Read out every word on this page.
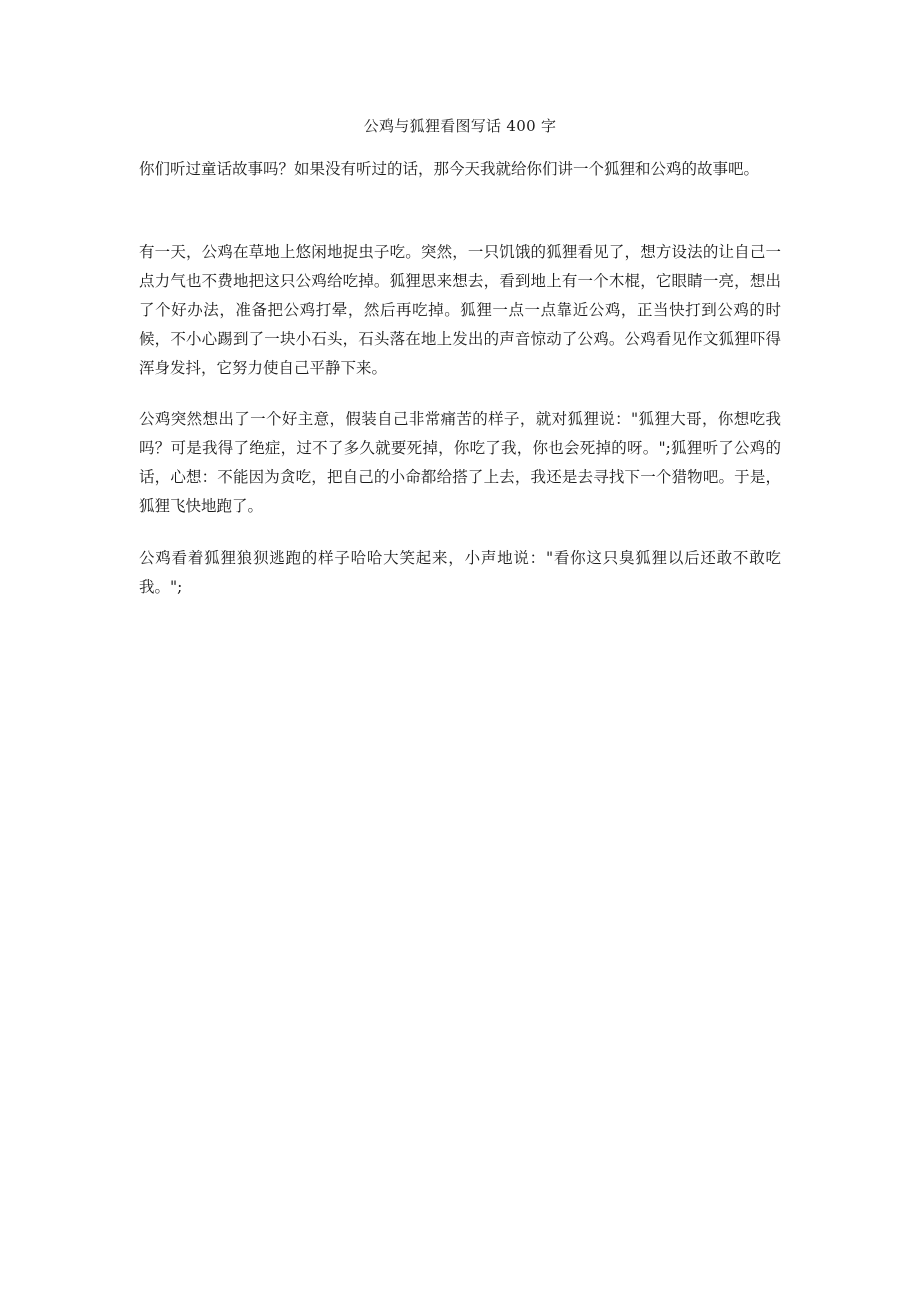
公鸡与狐狸看图写话 400 字

你们听过童话故事吗？如果没有听过的话，那今天我就给你们讲一个狐狸和公鸡的故事吧。

有一天，公鸡在草地上悠闲地捉虫子吃。突然，一只饥饿的狐狸看见了，想方设法的让自己一点力气也不费地把这只公鸡给吃掉。狐狸思来想去，看到地上有一个木棍，它眼睛一亮，想出了个好办法，准备把公鸡打晕，然后再吃掉。狐狸一点一点靠近公鸡，正当快打到公鸡的时候，不小心踢到了一块小石头，石头落在地上发出的声音惊动了公鸡。公鸡看见作文狐狸吓得浑身发抖，它努力使自己平静下来。

公鸡突然想出了一个好主意，假装自己非常痛苦的样子，就对狐狸说："狐狸大哥，你想吃我吗？可是我得了绝症，过不了多久就要死掉，你吃了我，你也会死掉的呀。";狐狸听了公鸡的话，心想：不能因为贪吃，把自己的小命都给搭了上去，我还是去寻找下一个猎物吧。于是，狐狸飞快地跑了。

公鸡看着狐狸狼狈逃跑的样子哈哈大笑起来，小声地说："看你这只臭狐狸以后还敢不敢吃我。";
